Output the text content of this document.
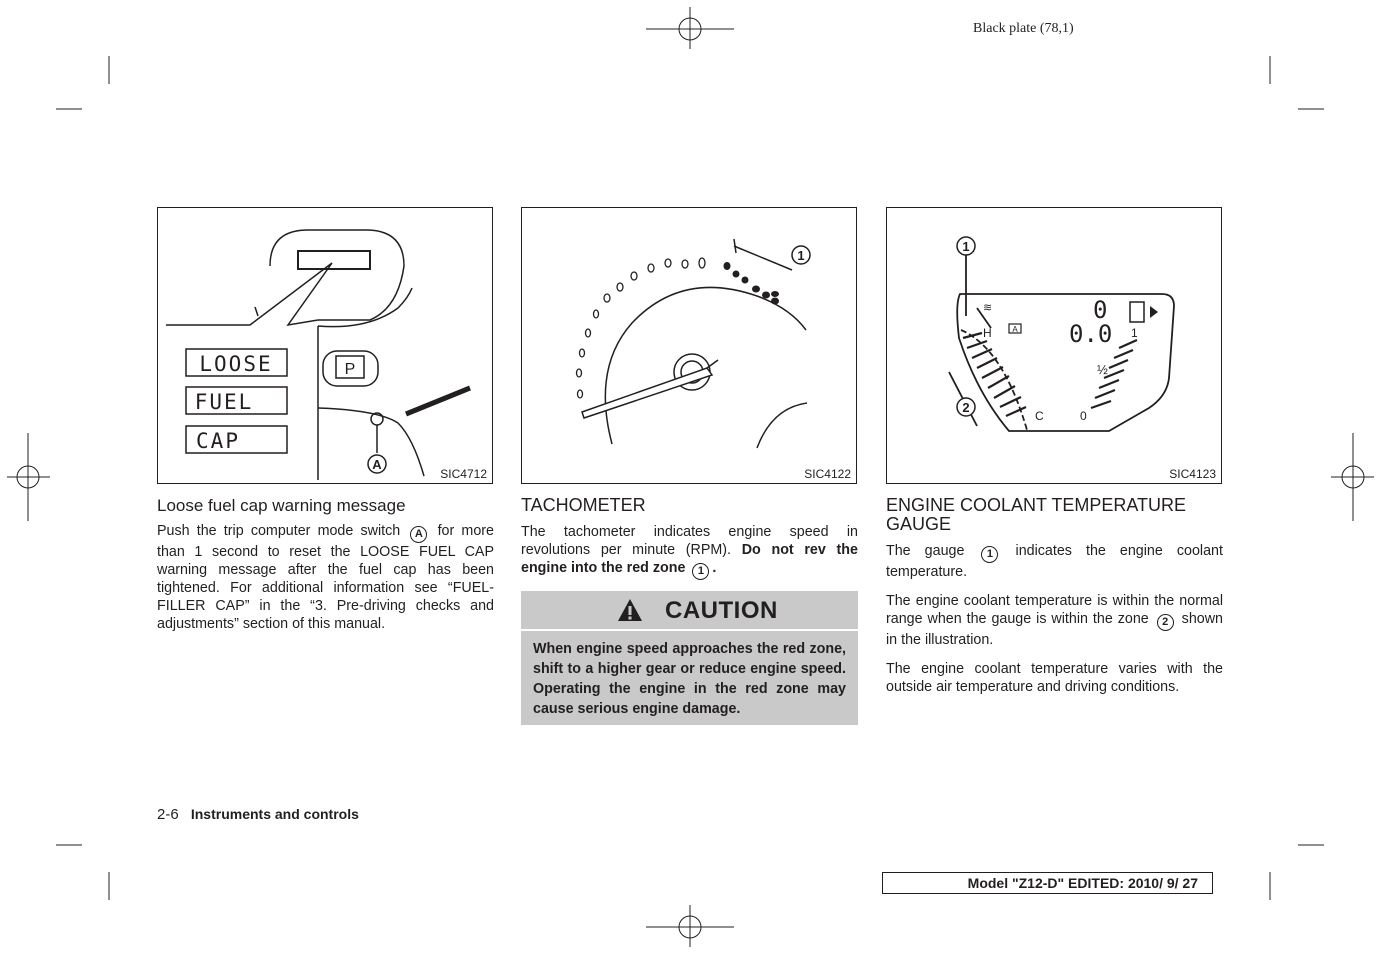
Black plate (78,1)
LOOSE
FUEL
CAP
P
A
SIC4712
1
SIC4122
A
0
0.0
H
C
1
½
0
≋
1
2
SIC4123
Loose fuel cap warning message
Push the trip computer mode switch A for more than 1 second to reset the LOOSE FUEL CAP warning message after the fuel cap has been tightened. For additional information see “FUEL-FILLER CAP” in the “3. Pre-driving checks and adjustments” section of this manual.
TACHOMETER
The tachometer indicates engine speed in revolutions per minute (RPM). Do not rev the engine into the red zone 1 .
CAUTION
When engine speed approaches the red zone, shift to a higher gear or reduce engine speed. Operating the engine in the red zone may cause serious engine damage.
ENGINE COOLANT TEMPERATURE GAUGE
The gauge 1 indicates the engine coolant temperature.
The engine coolant temperature is within the normal range when the gauge is within the zone 2 shown in the illustration.
The engine coolant temperature varies with the outside air temperature and driving conditions.
2-6 Instruments and controls
Model "Z12-D" EDITED: 2010/ 9/ 27
